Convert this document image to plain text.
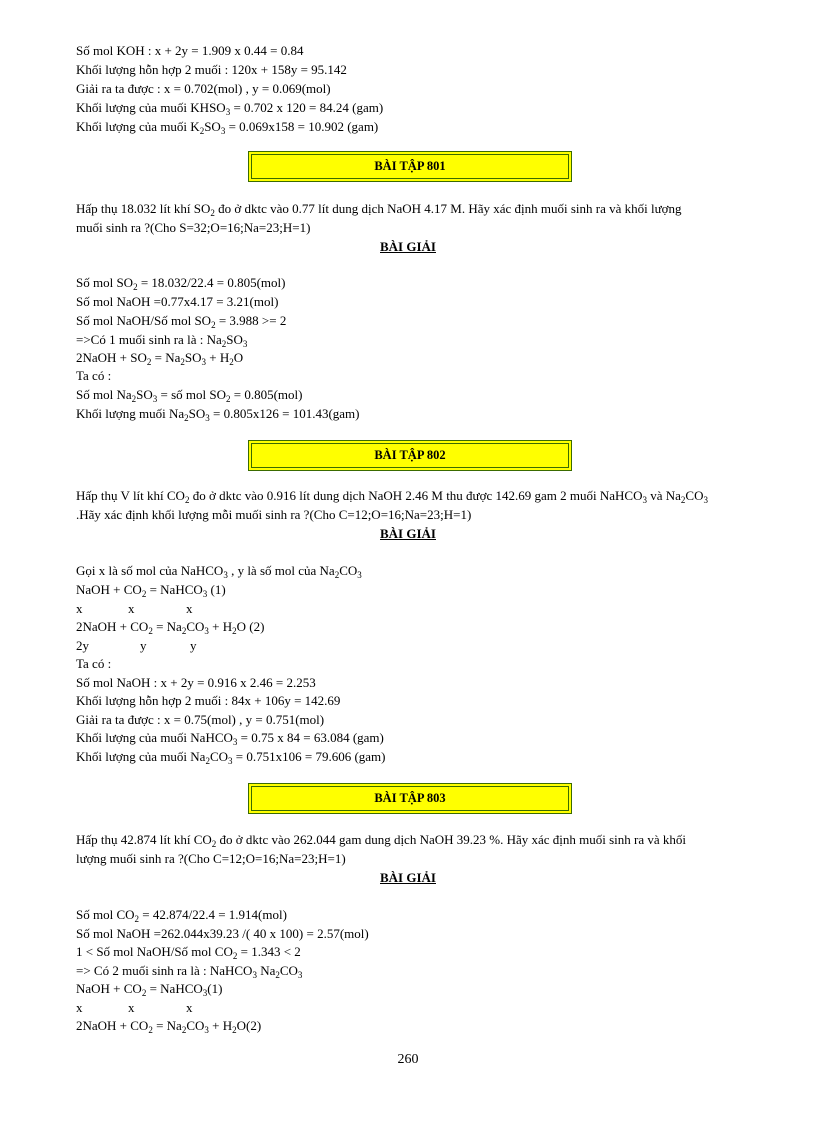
Số mol KOH : x + 2y = 1.909 x 0.44 = 0.84
Khối lượng hỗn hợp 2 muối : 120x + 158y = 95.142
Giải ra ta được : x = 0.702(mol) , y = 0.069(mol)
Khối lượng của muối $KHSO_3 = 0.702$ x 120 = 84.24 (gam)
Khối lượng của muối $K_2SO_3 = 0.069x158 = 10.902$ (gam)
BÀI TẬP 801
Hấp thụ 18.032 lít khí $SO_2$ đo ở dktc vào 0.77 lít dung dịch NaOH 4.17 M. Hãy xác định muối sinh ra và khối lượng
muối sinh ra ?(Cho S=32;O=16;Na=23;H=1)
BÀI GIẢI
Số mol $SO_2 = 18.032/22.4 = 0.805(mol)$
Số mol NaOH =0.77x4.17 = 3.21(mol)
Số mol NaOH/Số mol $SO_2 = 3.988 >= 2$
=>Có 1 muối sinh ra là : $Na_2SO_3$
2NaOH + $SO_2 = Na_2SO_3 + H_2O$
Ta có :
Số mol $Na_2SO_3$ = số mol $SO_2 = 0.805(mol)$
Khối lượng muối $Na_2SO_3 = 0.805x126 = 101.43(gam)$
BÀI TẬP 802
Hấp thụ V lít khí $CO_2$ đo ở dktc vào 0.916 lít dung dịch NaOH 2.46 M thu được 142.69 gam 2 muối NaHCO$_3$ và $Na_2CO_3$
.Hãy xác định khối lượng mỗi muối sinh ra ?(Cho C=12;O=16;Na=23;H=1)
BÀI GIẢI
Gọi x là số mol của NaHCO$_3$ , y là số mol của $Na_2CO_3$
NaOH + $CO_2$ = NaHCO$_3$ (1)
x	x	x
2NaOH + $CO_2 = Na_2CO_3 + H_2O$ (2)
2y	y	y
Ta có :
Số mol NaOH : x + 2y = 0.916 x 2.46 = 2.253
Khối lượng hỗn hợp 2 muối : 84x + 106y = 142.69
Giải ra ta được : x = 0.75(mol) , y = 0.751(mol)
Khối lượng của muối NaHCO$_3$ = 0.75 x 84 = 63.084 (gam)
Khối lượng của muối $Na_2CO_3 = 0.751x106 = 79.606$ (gam)
BÀI TẬP 803
Hấp thụ 42.874 lít khí $CO_2$ đo ở dktc vào 262.044 gam dung dịch NaOH 39.23 %. Hãy xác định muối sinh ra và khối
lượng muối sinh ra ?(Cho C=12;O=16;Na=23;H=1)
BÀI GIẢI
Số mol $CO_2 = 42.874/22.4 = 1.914(mol)$
Số mol NaOH =262.044x39.23 /( 40 x 100) = 2.57(mol)
1 < Số mol NaOH/Số mol $CO_2 = 1.343 < 2$
=> Có 2 muối sinh ra là : NaHCO$_3$ $Na_2CO_3$
NaOH + $CO_2$ = NaHCO$_3$(1)
x	x	x
2NaOH + $CO_2 = Na_2CO_3 + H_2O(2)$
260
